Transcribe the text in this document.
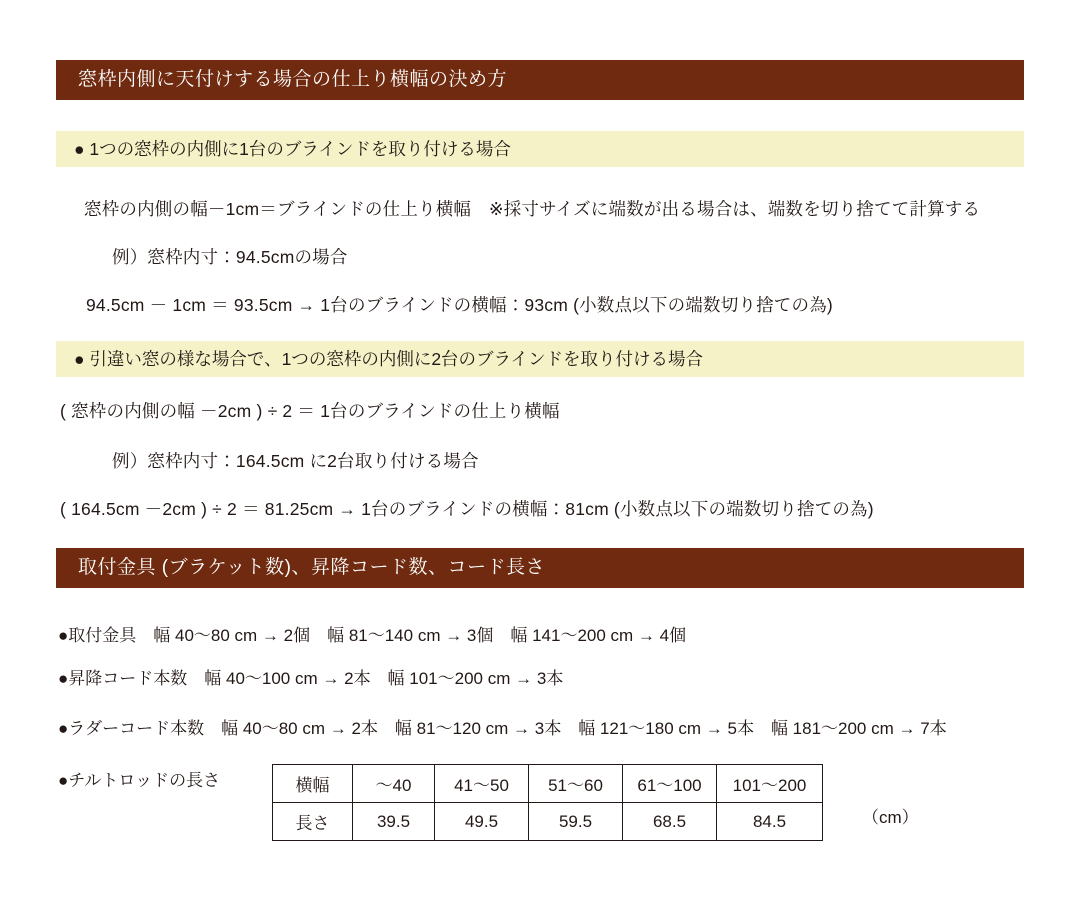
窓枠内側に天付けする場合の仕上り横幅の決め方
● 1つの窓枠の内側に1台のブラインドを取り付ける場合
窓枠の内側の幅－1cm＝ブラインドの仕上り横幅　※採寸サイズに端数が出る場合は、端数を切り捨てて計算する
例）窓枠内寸：94.5cmの場合
94.5cm － 1cm ＝ 93.5cm → 1台のブラインドの横幅：93cm (小数点以下の端数切り捨ての為)
● 引違い窓の様な場合で、1つの窓枠の内側に2台のブラインドを取り付ける場合
( 窓枠の内側の幅 －2cm ) ÷ 2 ＝ 1台のブラインドの仕上り横幅
例）窓枠内寸：164.5cm に2台取り付ける場合
( 164.5cm －2cm ) ÷ 2 ＝ 81.25cm → 1台のブラインドの横幅：81cm (小数点以下の端数切り捨ての為)
取付金具 (ブラケット数)、昇降コード数、コード長さ
●取付金具　幅 40〜80 cm → 2個　幅 81〜140 cm → 3個　幅 141〜200 cm → 4個
●昇降コード本数　幅 40〜100 cm → 2本　幅 101〜200 cm → 3本
●ラダーコード本数　幅 40〜80 cm → 2本　幅 81〜120 cm → 3本　幅 121〜180 cm → 5本　幅 181〜200 cm → 7本
●チルトロッドの長さ	横幅	〜40	41〜50	51〜60	61〜100	101〜200
長さ	39.5	49.5	59.5	68.5	84.5	（cm）
